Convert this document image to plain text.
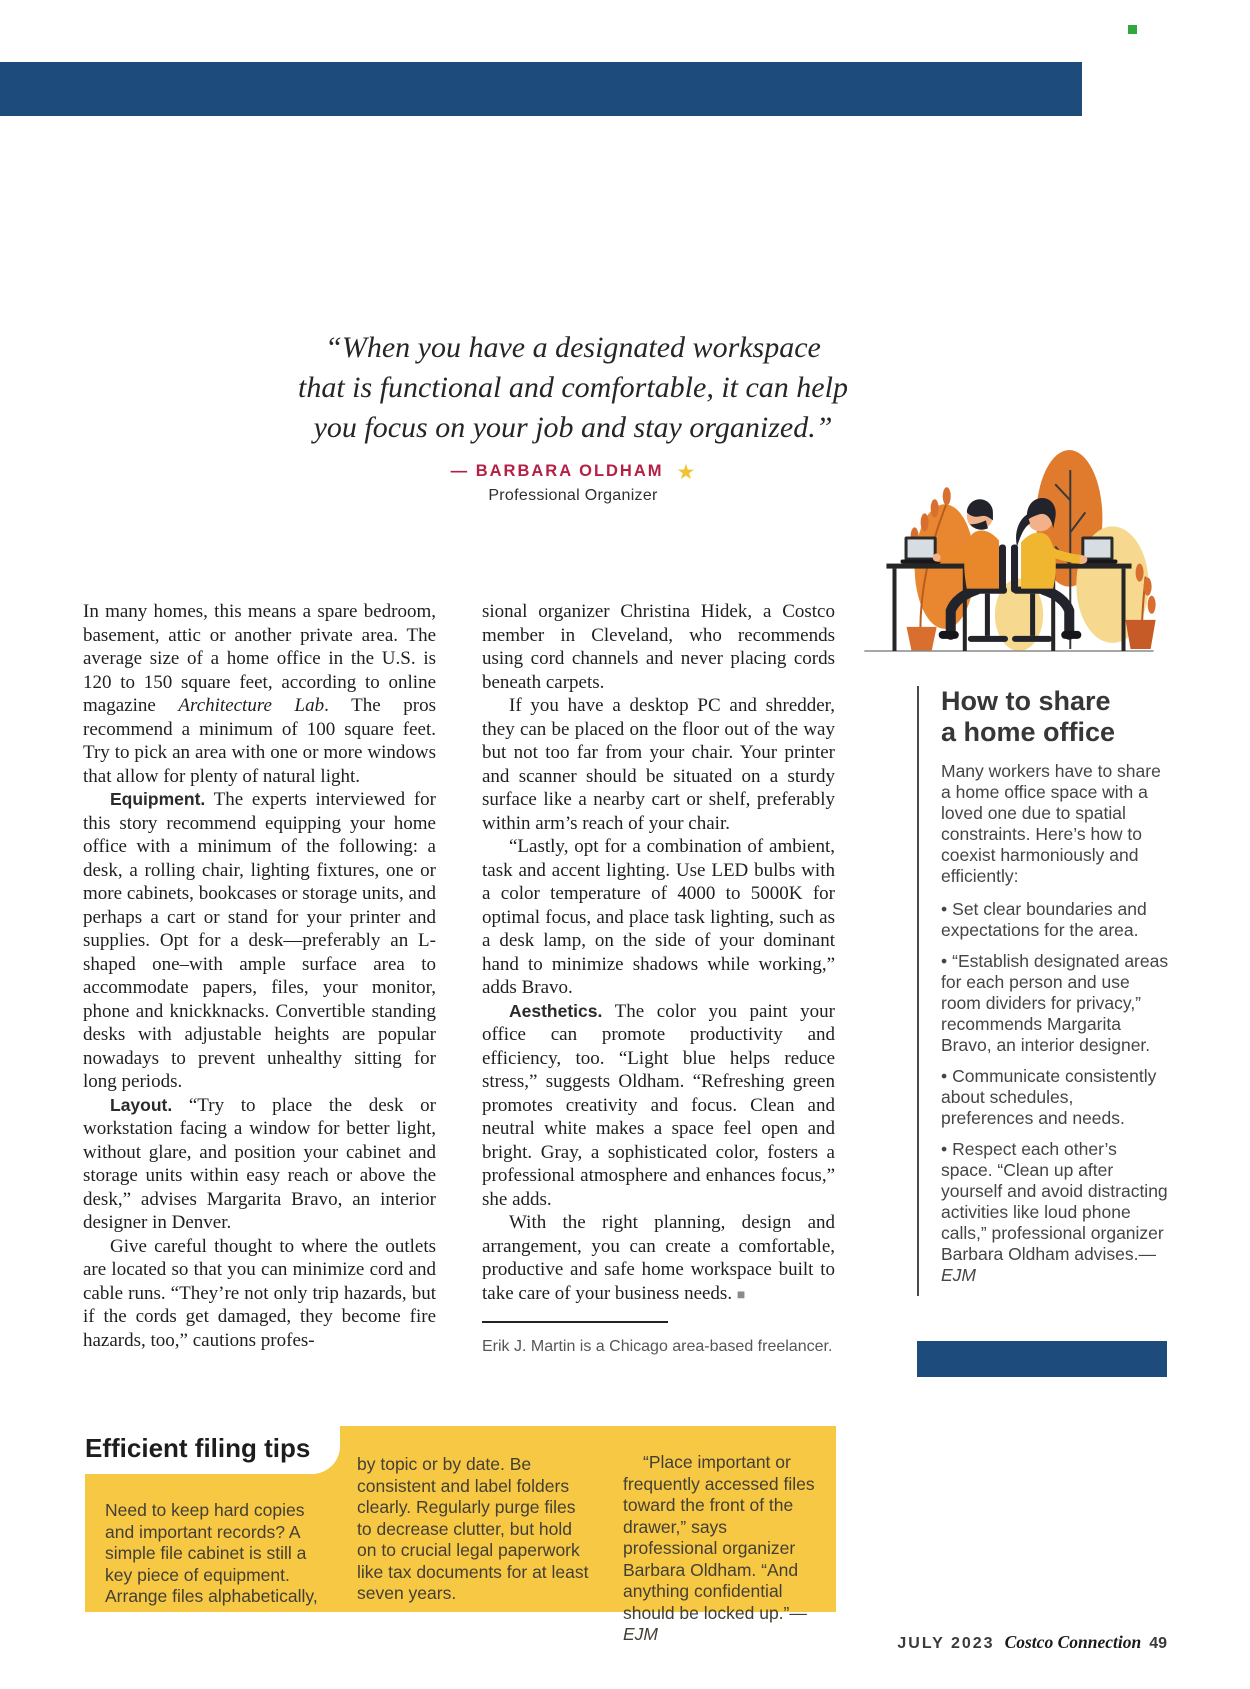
“When you have a designated workspace
that is functional and comfortable, it can help
you focus on your job and stay organized.”
— BARBARA OLDHAM ★
Professional Organizer

In many homes, this means a spare bedroom, basement, attic or another private area. The average size of a home office in the U.S. is 120 to 150 square feet, according to online magazine Architecture Lab. The pros recommend a minimum of 100 square feet. Try to pick an area with one or more windows that allow for plenty of natural light.

Equipment. The experts interviewed for this story recommend equipping your home office with a minimum of the following: a desk, a rolling chair, lighting fixtures, one or more cabinets, bookcases or storage units, and perhaps a cart or stand for your printer and supplies. Opt for a desk—preferably an L-shaped one–with ample surface area to accommodate papers, files, your monitor, phone and knickknacks. Convertible standing desks with adjustable heights are popular nowadays to prevent unhealthy sitting for long periods.

Layout. “Try to place the desk or workstation facing a window for better light, without glare, and position your cabinet and storage units within easy reach or above the desk,” advises Margarita Bravo, an interior designer in Denver.

Give careful thought to where the outlets are located so that you can minimize cord and cable runs. “They’re not only trip hazards, but if the cords get damaged, they become fire hazards, too,” cautions profes-

sional organizer Christina Hidek, a Costco member in Cleveland, who recommends using cord channels and never placing cords beneath carpets.

If you have a desktop PC and shredder, they can be placed on the floor out of the way but not too far from your chair. Your printer and scanner should be situated on a sturdy surface like a nearby cart or shelf, preferably within arm’s reach of your chair.

“Lastly, opt for a combination of ambient, task and accent lighting. Use LED bulbs with a color temperature of 4000 to 5000K for optimal focus, and place task lighting, such as a desk lamp, on the side of your dominant hand to minimize shadows while working,” adds Bravo.

Aesthetics. The color you paint your office can promote productivity and efficiency, too. “Light blue helps reduce stress,” suggests Oldham. “Refreshing green promotes creativity and focus. Clean and neutral white makes a space feel open and bright. Gray, a sophisticated color, fosters a professional atmosphere and enhances focus,” she adds.

With the right planning, design and arrangement, you can create a comfortable, productive and safe home workspace built to take care of your business needs. ■

Erik J. Martin is a Chicago area-based freelancer.

How to share
a home office
Many workers have to share a home office space with a loved one due to spatial constraints. Here’s how to coexist harmoniously and efficiently:

• Set clear boundaries and expectations for the area.

• “Establish designated areas for each person and use room dividers for privacy,” recommends Margarita Bravo, an interior designer.

• Communicate consistently about schedules, preferences and needs.

• Respect each other’s space. “Clean up after yourself and avoid distracting activities like loud phone calls,” professional organizer Barbara Oldham advises.—EJM

Efficient filing tips
Need to keep hard copies and important records? A simple file cabinet is still a key piece of equipment. Arrange files alphabetically,
by topic or by date. Be consistent and label folders clearly. Regularly purge files to decrease clutter, but hold on to crucial legal paperwork like tax documents for at least seven years.
“Place important or frequently accessed files toward the front of the drawer,” says professional organizer Barbara Oldham. “And anything confidential should be locked up.”—EJM	JULY 2023 Costco Connection 49
